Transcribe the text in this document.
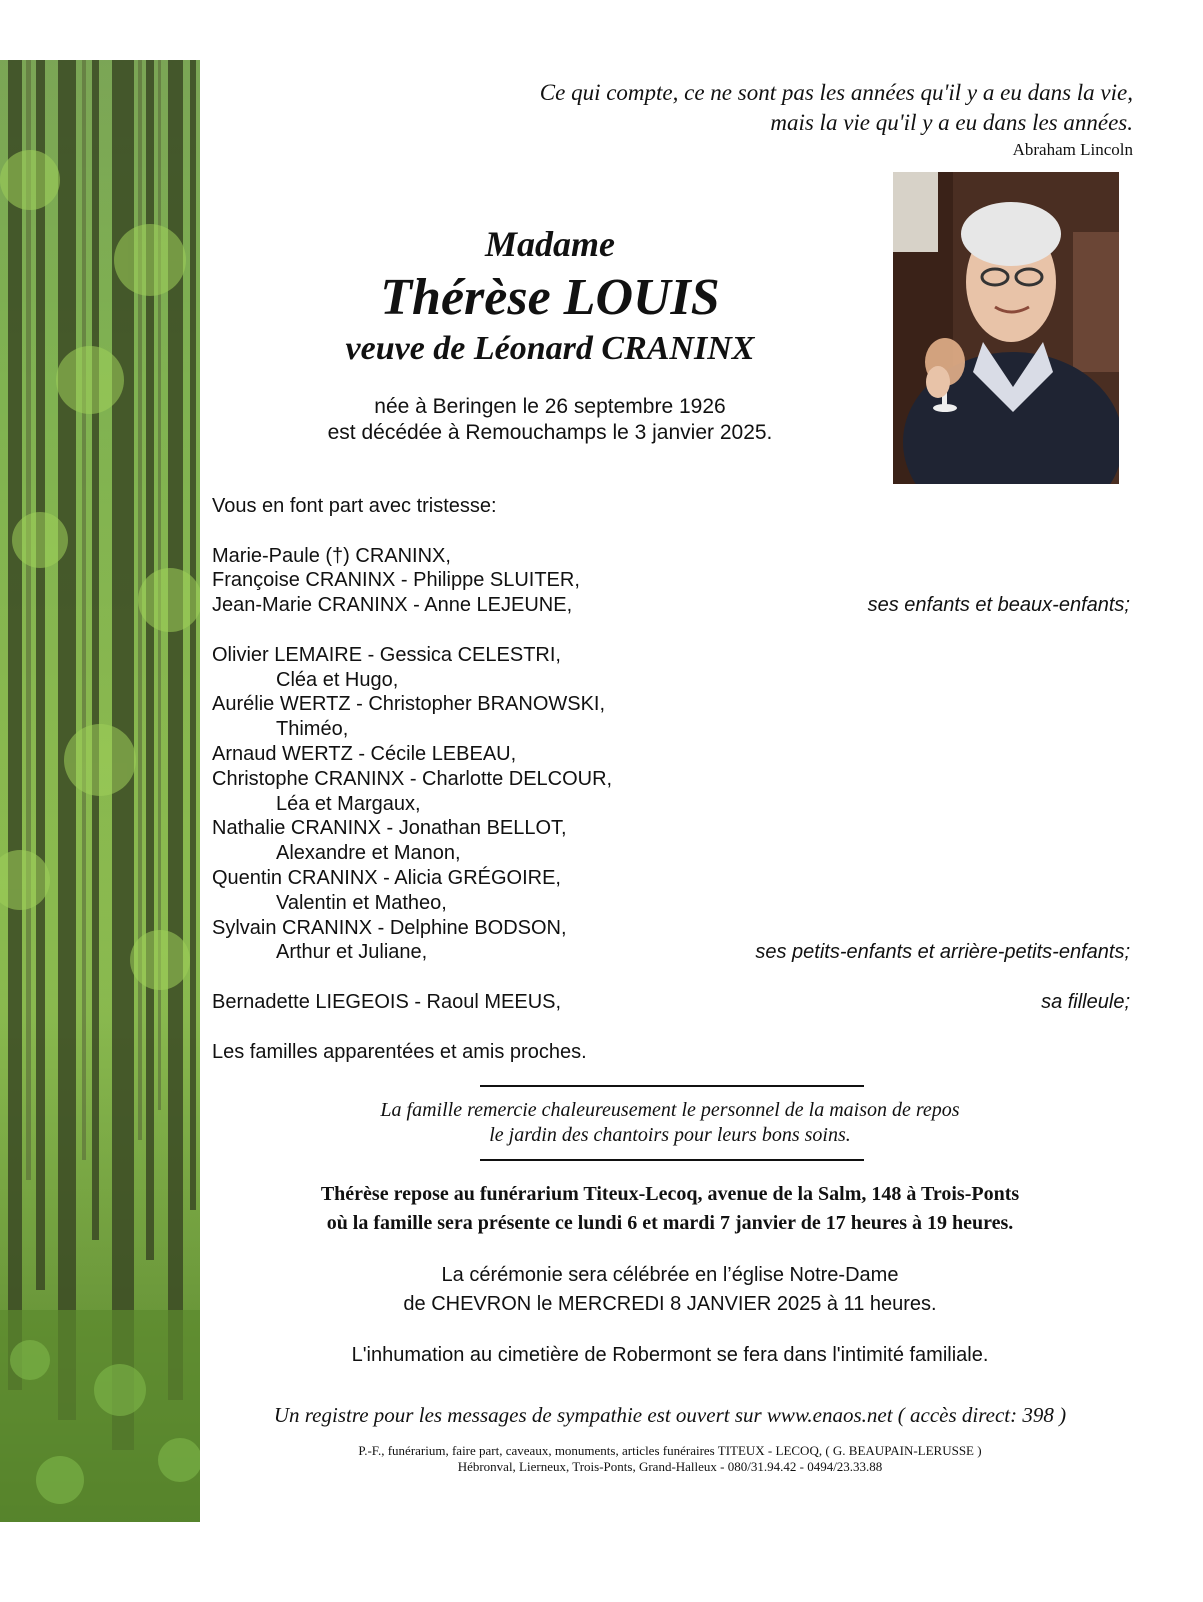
Ce qui compte, ce ne sont pas les années qu'il y a eu dans la vie,
mais la vie qu'il y a eu dans les années.
Abraham Lincoln
Madame
Thérèse LOUIS
veuve de Léonard CRANINX
née à Beringen le 26 septembre 1926
est décédée à Remouchamps le 3 janvier 2025.
Vous en font part avec tristesse:
Marie-Paule (†) CRANINX,
Françoise CRANINX - Philippe SLUITER,
Jean-Marie CRANINX - Anne LEJEUNE,	ses enfants et beaux-enfants;
Olivier LEMAIRE - Gessica CELESTRI,
Cléa et Hugo,
Aurélie WERTZ - Christopher BRANOWSKI,
Thiméo,
Arnaud WERTZ - Cécile LEBEAU,
Christophe CRANINX - Charlotte DELCOUR,
Léa et Margaux,
Nathalie CRANINX - Jonathan BELLOT,
Alexandre et Manon,
Quentin CRANINX - Alicia GRÉGOIRE,
Valentin et Matheo,
Sylvain CRANINX - Delphine BODSON,
Arthur et Juliane,	ses petits-enfants et arrière-petits-enfants;
Bernadette LIEGEOIS - Raoul MEEUS,	sa filleule;
Les familles apparentées et amis proches.
La famille remercie chaleureusement le personnel de la maison de repos
le jardin des chantoirs pour leurs bons soins.
Thérèse repose au funérarium Titeux-Lecoq, avenue de la Salm, 148 à Trois-Ponts
où la famille sera présente ce lundi 6 et mardi 7 janvier de 17 heures à 19 heures.
La cérémonie sera célébrée en l’église Notre-Dame
de CHEVRON le MERCREDI 8 JANVIER 2025 à 11 heures.
L'inhumation au cimetière de Robermont se fera dans l'intimité familiale.
Un registre pour les messages de sympathie est ouvert sur www.enaos.net ( accès direct: 398 )
P.-F., funérarium, faire part, caveaux, monuments, articles funéraires TITEUX - LECOQ, ( G. BEAUPAIN-LERUSSE )
Hébronval, Lierneux, Trois-Ponts, Grand-Halleux - 080/31.94.42 - 0494/23.33.88
